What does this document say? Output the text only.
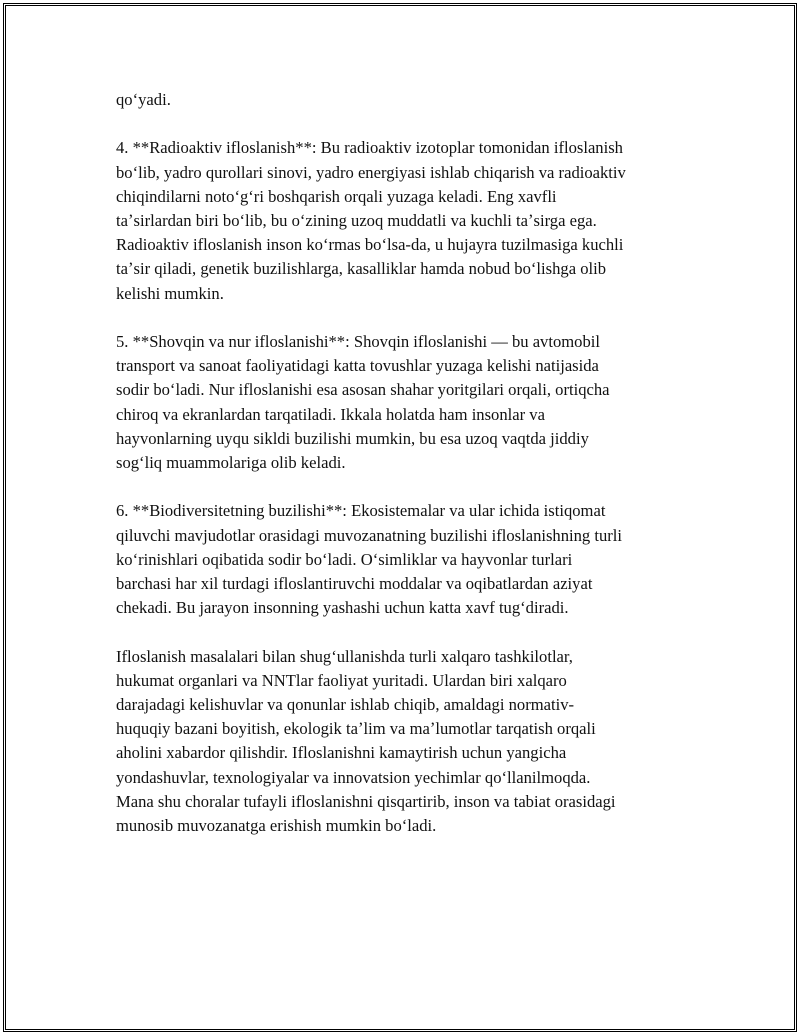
qoʻyadi.

4. **Radioaktiv ifloslanish**: Bu radioaktiv izotoplar tomonidan ifloslanish
boʻlib, yadro qurollari sinovi, yadro energiyasi ishlab chiqarish va radioaktiv
chiqindilarni notoʻgʻri boshqarish orqali yuzaga keladi. Eng xavfli
taʼsirlardan biri boʻlib, bu oʻzining uzoq muddatli va kuchli taʼsirga ega.
Radioaktiv ifloslanish inson koʻrmas boʻlsa-da, u hujayra tuzilmasiga kuchli
taʼsir qiladi, genetik buzilishlarga, kasalliklar hamda nobud boʻlishga olib
kelishi mumkin.

5. **Shovqin va nur ifloslanishi**: Shovqin ifloslanishi — bu avtomobil
transport va sanoat faoliyatidagi katta tovushlar yuzaga kelishi natijasida
sodir boʻladi. Nur ifloslanishi esa asosan shahar yoritgilari orqali, ortiqcha
chiroq va ekranlardan tarqatiladi. Ikkala holatda ham insonlar va
hayvonlarning uyqu sikldi buzilishi mumkin, bu esa uzoq vaqtda jiddiy
sogʻliq muammolariga olib keladi.

6. **Biodiversitetning buzilishi**: Ekosistemalar va ular ichida istiqomat
qiluvchi mavjudotlar orasidagi muvozanatning buzilishi ifloslanishning turli
koʻrinishlari oqibatida sodir boʻladi. Oʻsimliklar va hayvonlar turlari
barchasi har xil turdagi ifloslantiruvchi moddalar va oqibatlardan aziyat
chekadi. Bu jarayon insonning yashashi uchun katta xavf tugʻdiradi.

Ifloslanish masalalari bilan shugʻullanishda turli xalqaro tashkilotlar,
hukumat organlari va NNTlar faoliyat yuritadi. Ulardan biri xalqaro
darajadagi kelishuvlar va qonunlar ishlab chiqib, amaldagi normativ-
huquqiy bazani boyitish, ekologik taʼlim va maʼlumotlar tarqatish orqali
aholini xabardor qilishdir. Ifloslanishni kamaytirish uchun yangicha
yondashuvlar, texnologiyalar va innovatsion yechimlar qoʻllanilmoqda.
Mana shu choralar tufayli ifloslanishni qisqartirib, inson va tabiat orasidagi
munosib muvozanatga erishish mumkin boʻladi.
